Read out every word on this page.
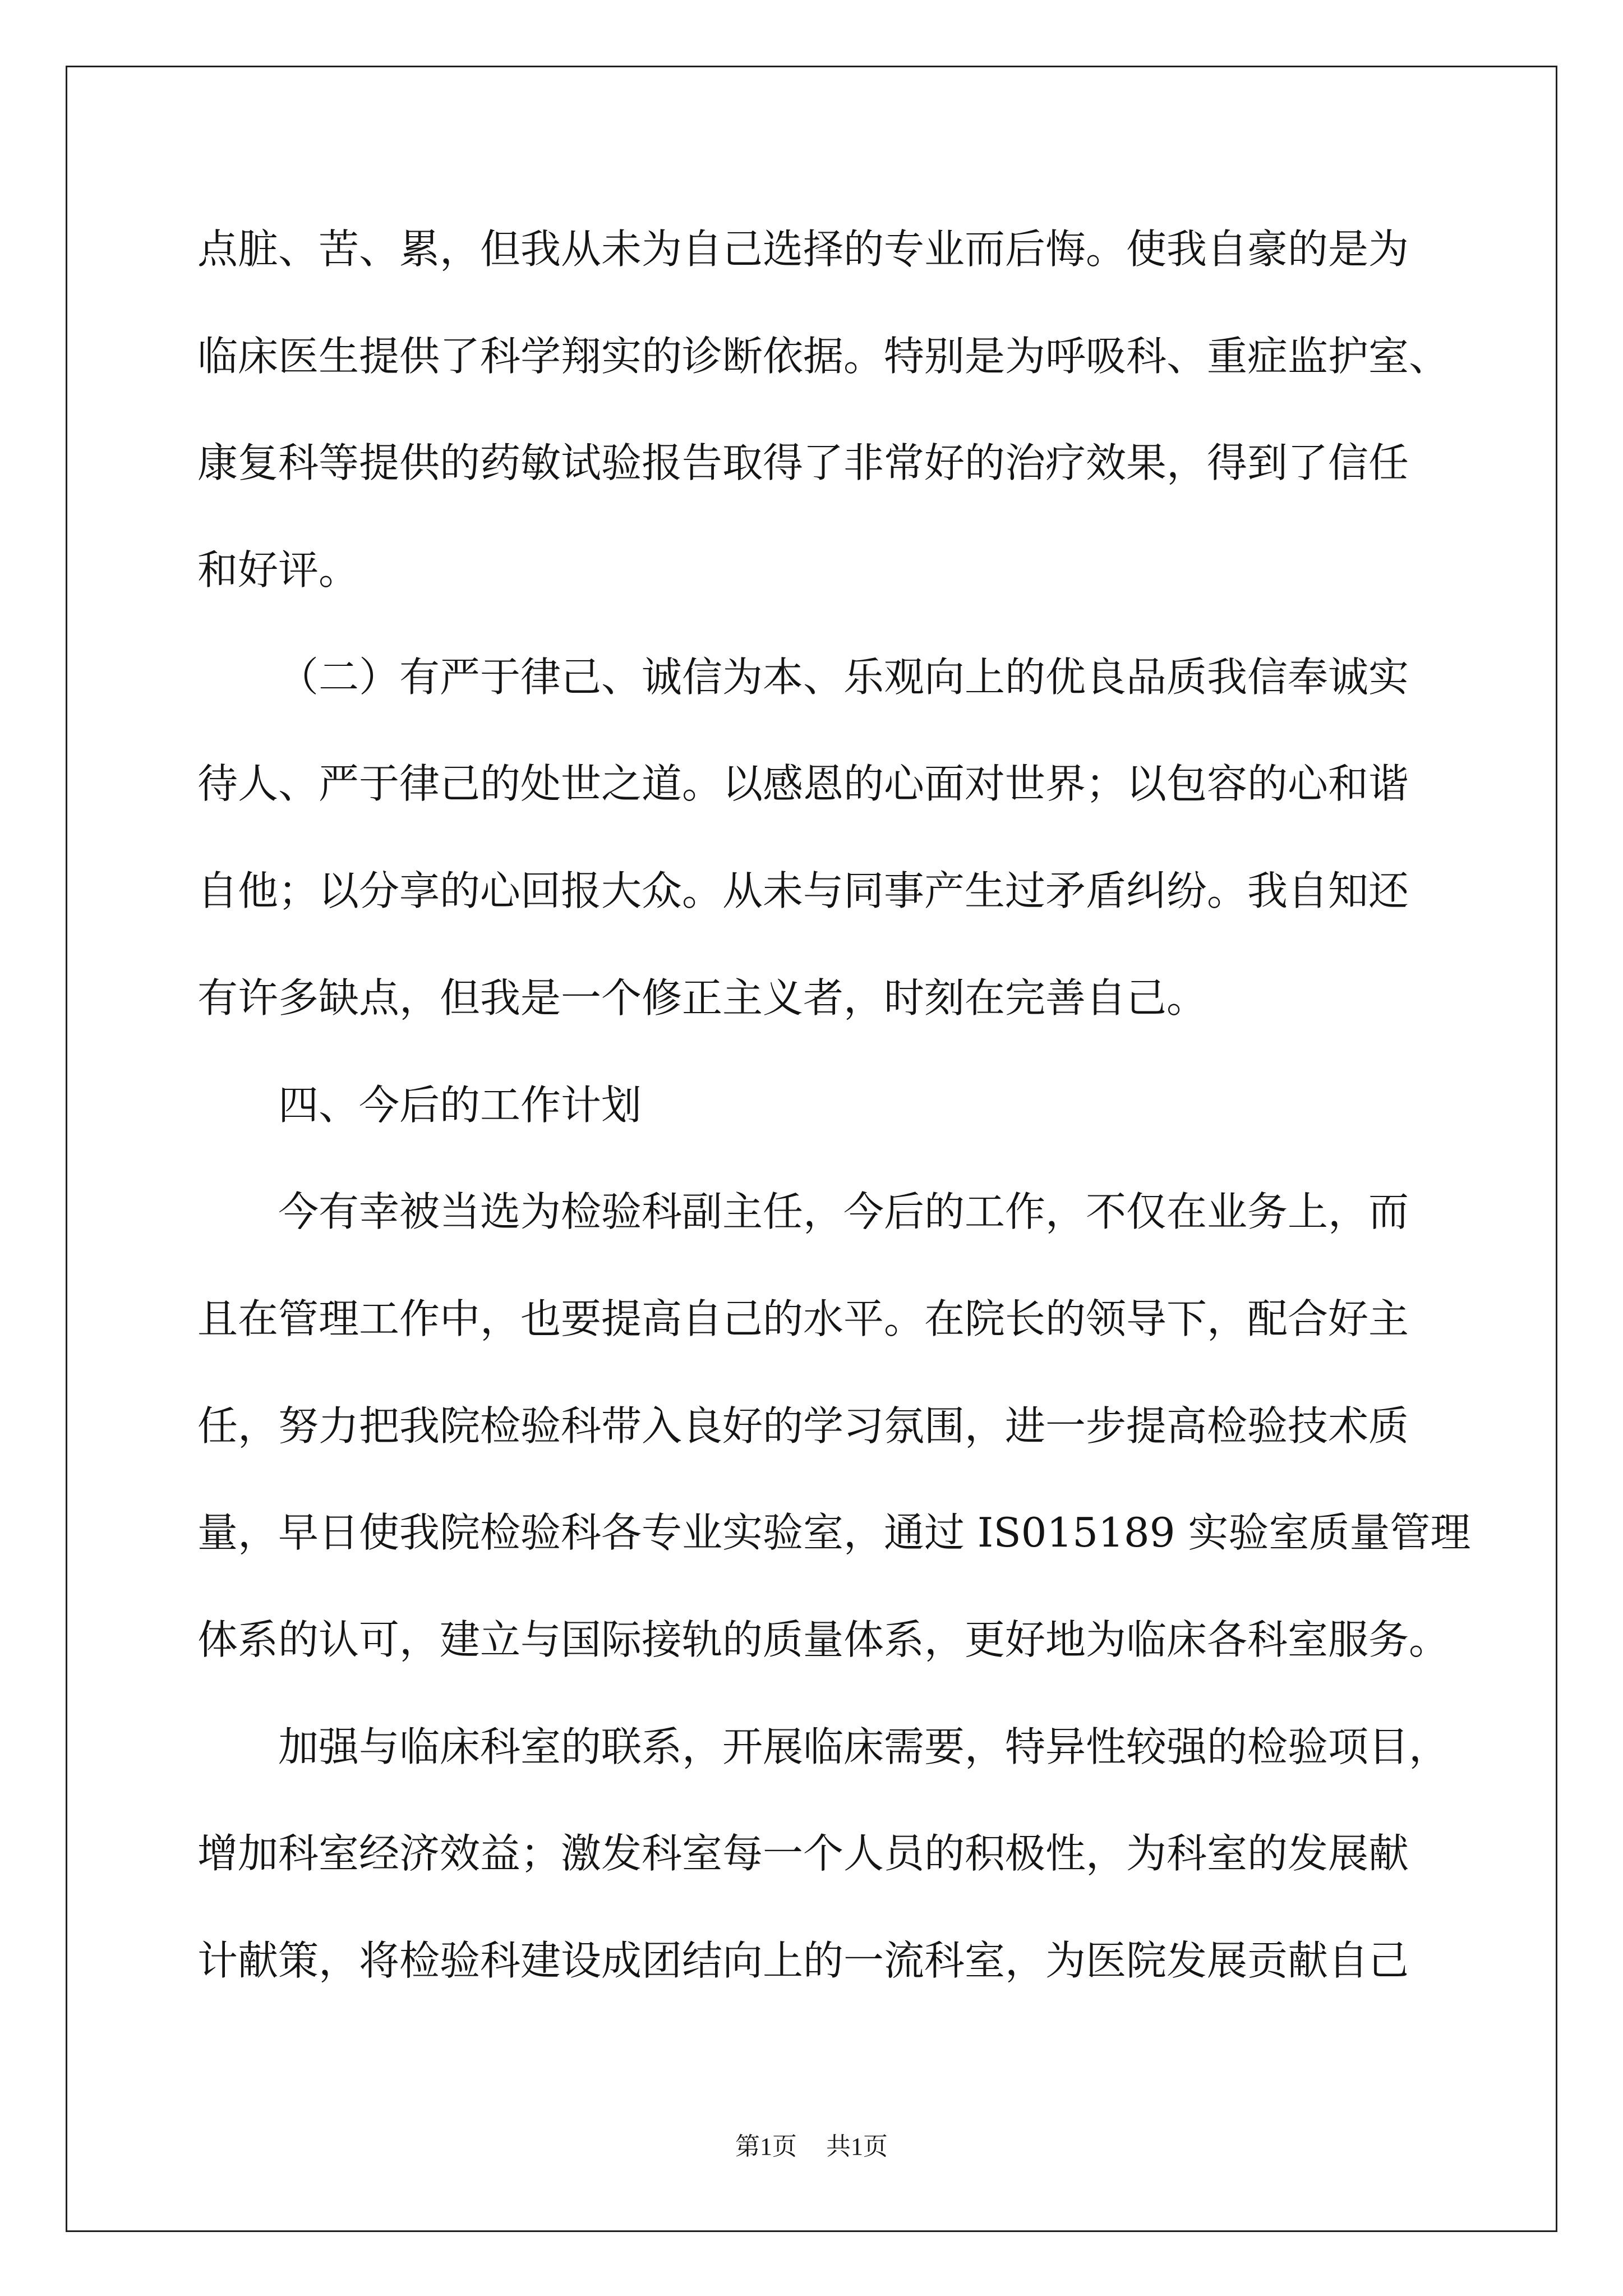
点脏、苦、累，但我从未为自己选择的专业而后悔。使我自豪的是为
临床医生提供了科学翔实的诊断依据。特别是为呼吸科、重症监护室、
康复科等提供的药敏试验报告取得了非常好的治疗效果，得到了信任
和好评。
（二）有严于律己、诚信为本、乐观向上的优良品质我信奉诚实
待人、严于律己的处世之道。以感恩的心面对世界；以包容的心和谐
自他；以分享的心回报大众。从未与同事产生过矛盾纠纷。我自知还
有许多缺点，但我是一个修正主义者，时刻在完善自己。
四、今后的工作计划
今有幸被当选为检验科副主任，今后的工作，不仅在业务上，而
且在管理工作中，也要提高自己的水平。在院长的领导下，配合好主
任，努力把我院检验科带入良好的学习氛围，进一步提高检验技术质
量，早日使我院检验科各专业实验室，通过 IS015189 实验室质量管理
体系的认可，建立与国际接轨的质量体系，更好地为临床各科室服务。
加强与临床科室的联系，开展临床需要，特异性较强的检验项目，
增加科室经济效益；激发科室每一个人员的积极性，为科室的发展献
计献策，将检验科建设成团结向上的一流科室，为医院发展贡献自己
第1页 共1页
